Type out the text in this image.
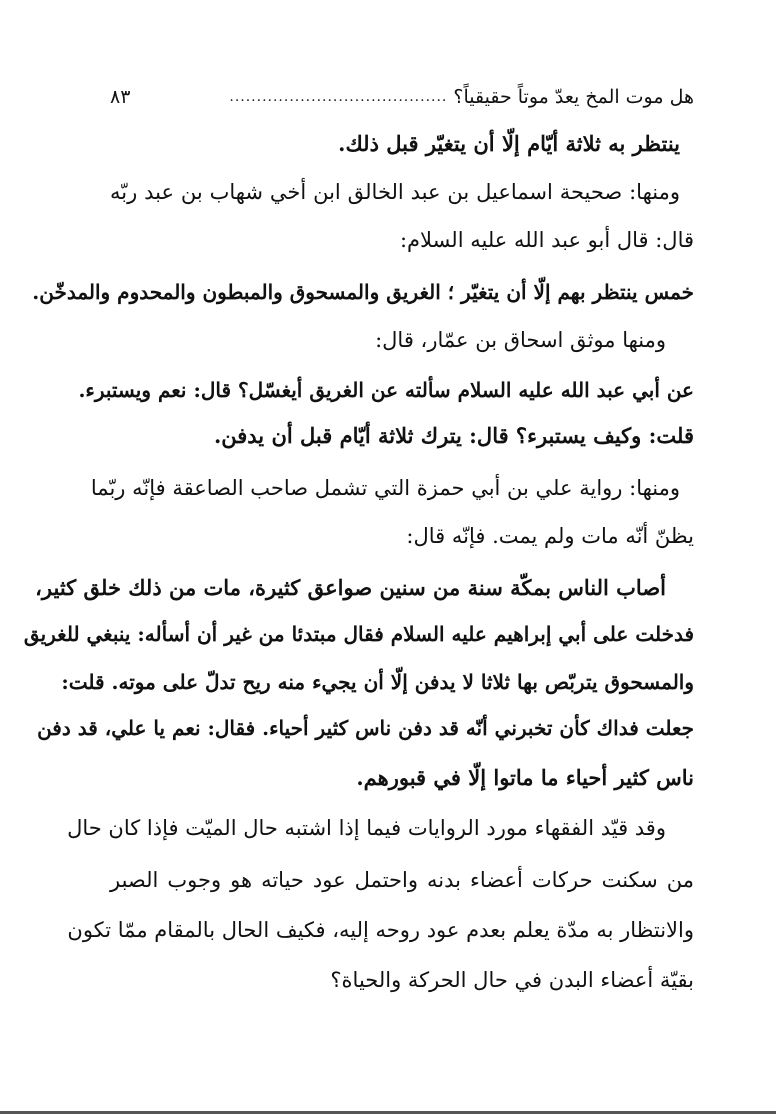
هل موت المخ يعدّ موتاً حقيقياً؟
........................................
٨٣
ينتظر به ثلاثة أيّام إلّا أن يتغيّر قبل ذلك.
ومنها: صحيحة اسماعيل بن عبد الخالق ابن أخي شهاب بن عبد ربّه
قال: قال أبو عبد الله عليه السلام:
خمس ينتظر بهم إلّا أن يتغيّر ؛ الغريق والمسحوق والمبطون والمحدوم والمدخّن.
ومنها موثق اسحاق بن عمّار، قال:
عن أبي عبد الله عليه السلام سألته عن الغريق أيغسّل؟ قال: نعم ويستبرء.
قلت: وكيف يستبرء؟ قال: يترك ثلاثة أيّام قبل أن يدفن.
ومنها: رواية علي بن أبي حمزة التي تشمل صاحب الصاعقة فإنّه ربّما
يظنّ أنّه مات ولم يمت. فإنّه قال:
أصاب الناس بمكّة سنة من سنين صواعق كثيرة، مات من ذلك خلق كثير،
فدخلت على أبي إبراهيم عليه السلام فقال مبتدئا من غير أن أسأله: ينبغي للغريق
والمسحوق يتربّص بها ثلاثا لا يدفن إلّا أن يجيء منه ريح تدلّ على موته. قلت:
جعلت فداك كأن تخبرني أنّه قد دفن ناس كثير أحياء. فقال: نعم يا علي، قد دفن
ناس كثير أحياء ما ماتوا إلّا في قبورهم.
وقد قيّد الفقهاء مورد الروايات فيما إذا اشتبه حال الميّت فإذا كان حال
من سكنت حركات أعضاء بدنه واحتمل عود حياته هو وجوب الصبر
والانتظار به مدّة يعلم بعدم عود روحه إليه، فكيف الحال بالمقام ممّا تكون
بقيّة أعضاء البدن في حال الحركة والحياة؟
